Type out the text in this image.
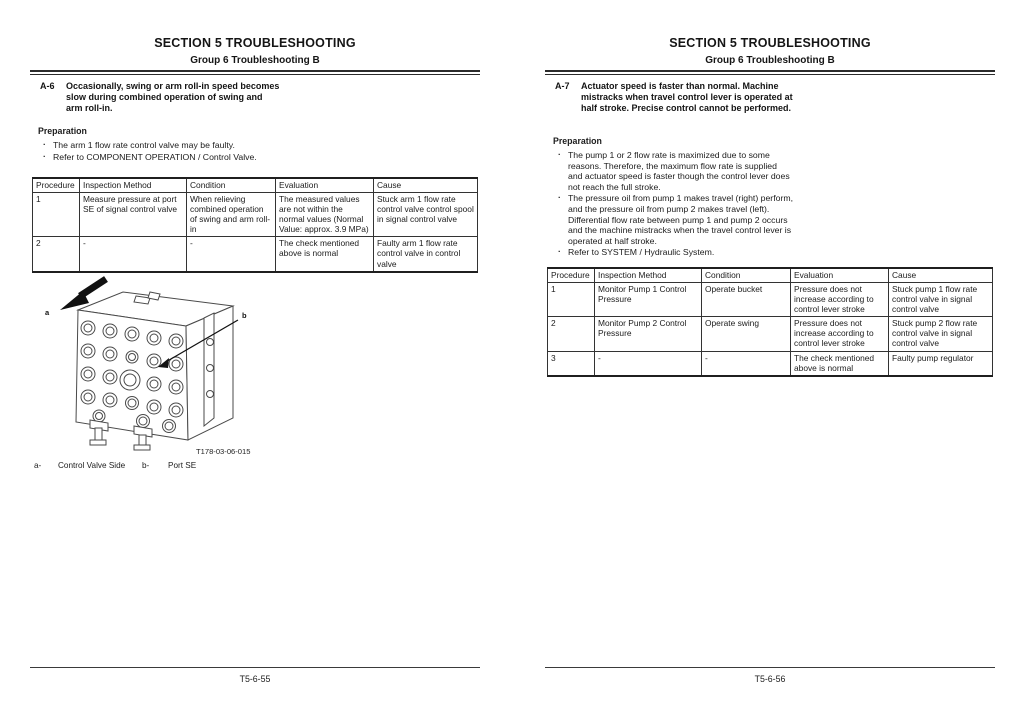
SECTION 5 TROUBLESHOOTING
Group 6 Troubleshooting B
A-6	Occasionally, swing or arm roll-in speed becomes slow during combined operation of swing and arm roll-in.
Preparation
· The arm 1 flow rate control valve may be faulty.
· Refer to COMPONENT OPERATION / Control Valve.
Procedure	Inspection Method	Condition	Evaluation	Cause
1	Measure pressure at port SE of signal control valve	When relieving combined operation of swing and arm roll-in	The measured values are not within the normal values (Normal Value: approx. 3.9 MPa)	Stuck arm 1 flow rate control valve control spool in signal control valve
2	-	-	The check mentioned above is normal	Faulty arm 1 flow rate control valve in control valve
a	b
T178-03-06-015
a- Control Valve Side b- Port SE
T5-6-55
SECTION 5 TROUBLESHOOTING
Group 6 Troubleshooting B
A-7	Actuator speed is faster than normal. Machine mistracks when travel control lever is operated at half stroke. Precise control cannot be performed.
Preparation
· The pump 1 or 2 flow rate is maximized due to some reasons. Therefore, the maximum flow rate is supplied and actuator speed is faster though the control lever does not reach the full stroke.
· The pressure oil from pump 1 makes travel (right) perform, and the pressure oil from pump 2 makes travel (left). Differential flow rate between pump 1 and pump 2 occurs and the machine mistracks when the travel control lever is operated at half stroke.
· Refer to SYSTEM / Hydraulic System.
Procedure	Inspection Method	Condition	Evaluation	Cause
1	Monitor Pump 1 Control Pressure	Operate bucket	Pressure does not increase according to control lever stroke	Stuck pump 1 flow rate control valve in signal control valve
2	Monitor Pump 2 Control Pressure	Operate swing	Pressure does not increase according to control lever stroke	Stuck pump 2 flow rate control valve in signal control valve
3	-	-	The check mentioned above is normal	Faulty pump regulator
T5-6-56
